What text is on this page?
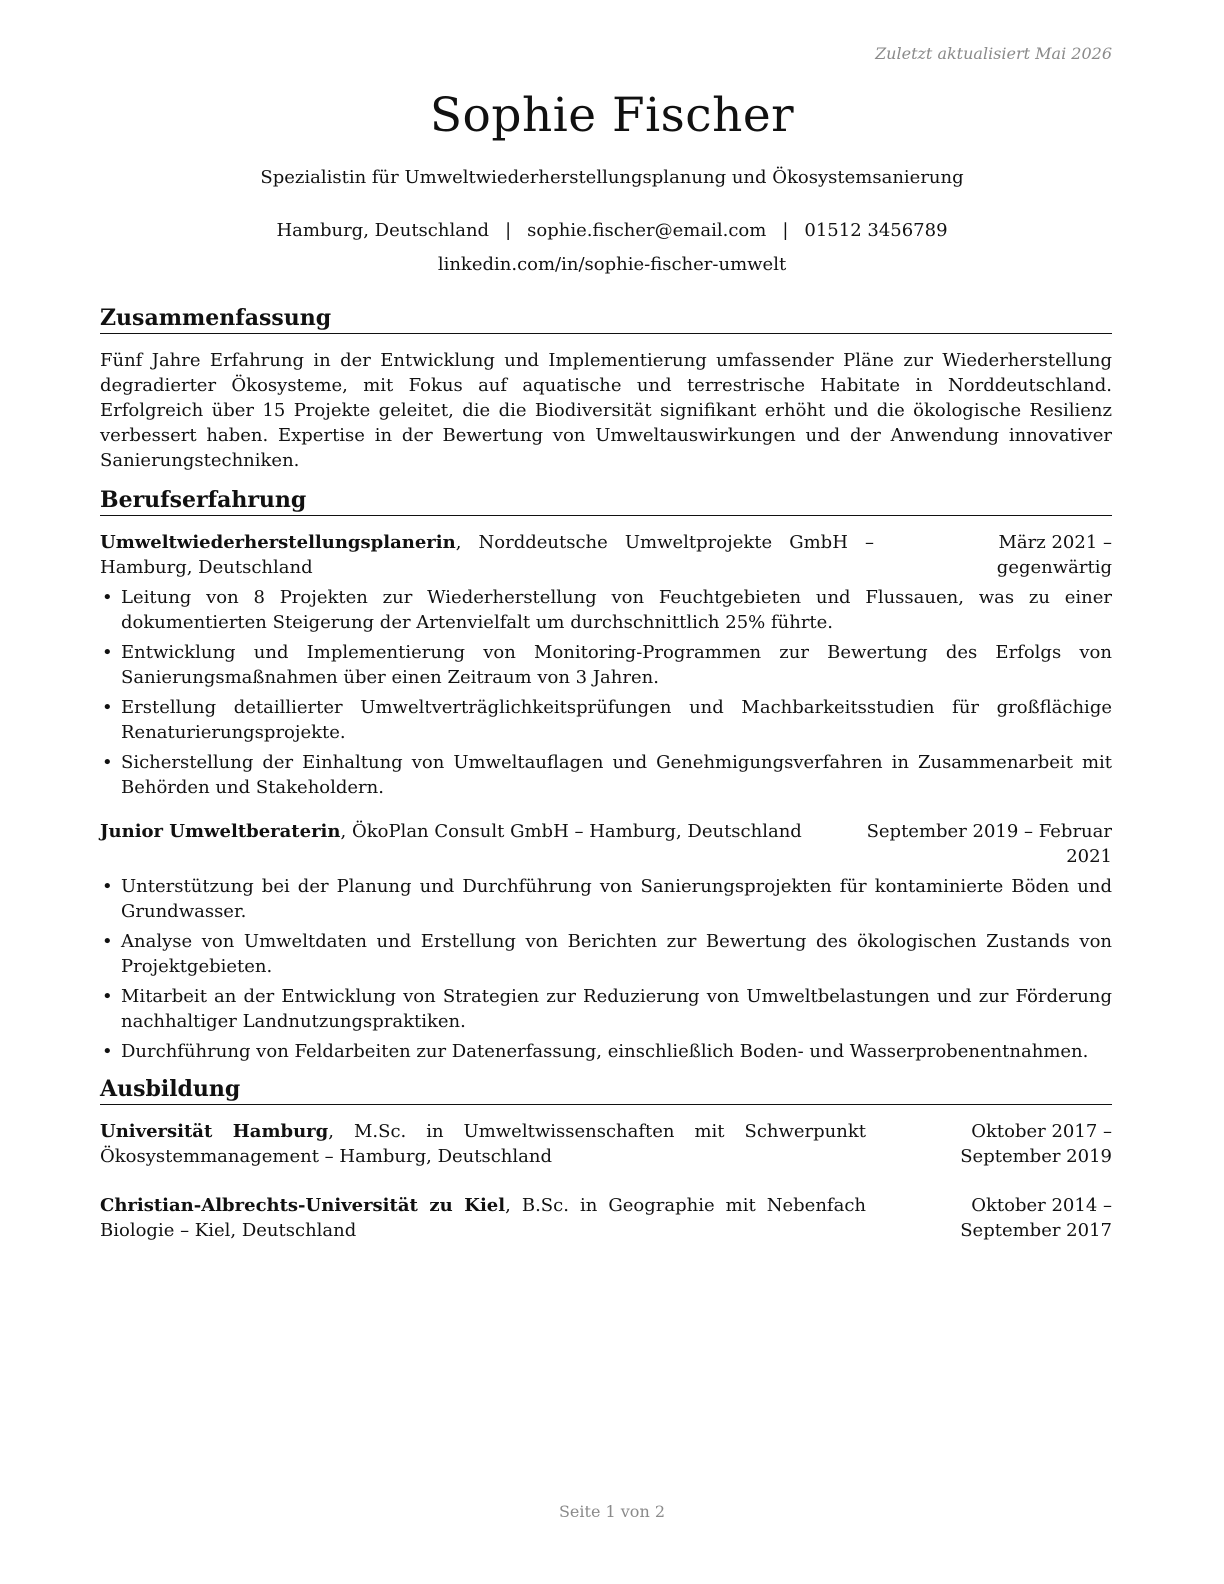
Zuletzt aktualisiert Mai 2026
Sophie Fischer
Spezialistin für Umweltwiederherstellungsplanung und Ökosystemsanierung
Hamburg, Deutschland | sophie.fischer@email.com | 01512 3456789
linkedin.com/in/sophie-fischer-umwelt
Zusammenfassung

Fünf Jahre Erfahrung in der Entwicklung und Implementierung umfassender Pläne zur Wiederherstellung degradierter Ökosysteme, mit Fokus auf aquatische und terrestrische Habitate in Norddeutschland. Erfolgreich über 15 Projekte geleitet, die die Biodiversität signifikant erhöht und die ökologische Resilienz verbessert haben. Expertise in der Bewertung von Umweltauswirkungen und der Anwendung innovativer Sanierungstechniken.

Berufserfahrung
Umweltwiederherstellungsplanerin, Norddeutsche Umweltprojekte GmbH – Hamburg, Deutschland
März 2021 – gegenwärtig
• Leitung von 8 Projekten zur Wiederherstellung von Feuchtgebieten und Flussauen, was zu einer dokumentierten Steigerung der Artenvielfalt um durchschnittlich 25% führte.
• Entwicklung und Implementierung von Monitoring-Programmen zur Bewertung des Erfolgs von Sanierungsmaßnahmen über einen Zeitraum von 3 Jahren.
• Erstellung detaillierter Umweltverträglichkeitsprüfungen und Machbarkeitsstudien für großflächige Renaturierungsprojekte.
• Sicherstellung der Einhaltung von Umweltauflagen und Genehmigungsverfahren in Zusammenarbeit mit Behörden und Stakeholdern.
Junior Umweltberaterin, ÖkoPlan Consult GmbH – Hamburg, Deutschland	September 2019 – Februar 2021
• Unterstützung bei der Planung und Durchführung von Sanierungsprojekten für kontaminierte Böden und Grundwasser.
• Analyse von Umweltdaten und Erstellung von Berichten zur Bewertung des ökologischen Zustands von Projektgebieten.
• Mitarbeit an der Entwicklung von Strategien zur Reduzierung von Umweltbelastungen und zur Förderung nachhaltiger Landnutzungspraktiken.
• Durchführung von Feldarbeiten zur Datenerfassung, einschließlich Boden- und Wasserprobenentnahmen.
Ausbildung
Universität Hamburg, M.Sc. in Umweltwissenschaften mit Schwerpunkt Ökosystemmanagement – Hamburg, Deutschland
Oktober 2017 – September 2019
Christian-Albrechts-Universität zu Kiel, B.Sc. in Geographie mit Nebenfach Biologie – Kiel, Deutschland
Oktober 2014 – September 2017
Seite 1 von 2
